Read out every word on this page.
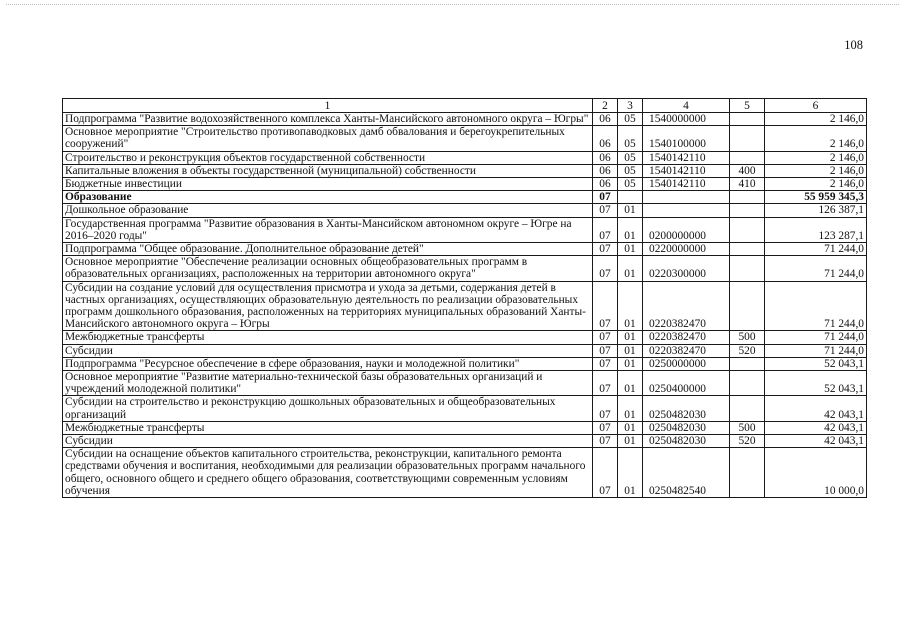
108
1	2	3	4	5	6
Подпрограмма "Развитие водохозяйственного комплекса Ханты-Мансийского автономного округа – Югры"	06	05	1540000000		2 146,0
Основное мероприятие "Строительство противопаводковых дамб обвалования и берегоукрепительных сооружений"	06	05	1540100000		2 146,0
Строительство и реконструкция объектов государственной собственности	06	05	1540142110		2 146,0
Капитальные вложения в объекты государственной (муниципальной) собственности	06	05	1540142110	400	2 146,0
Бюджетные инвестиции	06	05	1540142110	410	2 146,0
Образование	07				55 959 345,3
Дошкольное образование	07	01			126 387,1
Государственная программа "Развитие образования в Ханты-Мансийском автономном округе – Югре на 2016–2020 годы"	07	01	0200000000		123 287,1
Подпрограмма "Общее образование. Дополнительное образование детей"	07	01	0220000000		71 244,0
Основное мероприятие "Обеспечение реализации основных общеобразовательных программ в образовательных организациях, расположенных на территории автономного округа"	07	01	0220300000		71 244,0
Субсидии на создание условий для осуществления присмотра и ухода за детьми, содержания детей в частных организациях, осуществляющих образовательную деятельность по реализации образовательных программ дошкольного образования, расположенных на территориях муниципальных образований Ханты-Мансийского автономного округа – Югры	07	01	0220382470		71 244,0
Межбюджетные трансферты	07	01	0220382470	500	71 244,0
Субсидии	07	01	0220382470	520	71 244,0
Подпрограмма "Ресурсное обеспечение в сфере образования, науки и молодежной политики"	07	01	0250000000		52 043,1
Основное мероприятие "Развитие материально-технической базы образовательных организаций и учреждений молодежной политики"	07	01	0250400000		52 043,1
Субсидии на строительство и реконструкцию дошкольных образовательных и общеобразовательных организаций	07	01	0250482030		42 043,1
Межбюджетные трансферты	07	01	0250482030	500	42 043,1
Субсидии	07	01	0250482030	520	42 043,1
Субсидии на оснащение объектов капитального строительства, реконструкции, капитального ремонта средствами обучения и воспитания, необходимыми для реализации образовательных программ начального общего, основного общего и среднего общего образования, соответствующими современным условиям обучения	07	01	0250482540		10 000,0
